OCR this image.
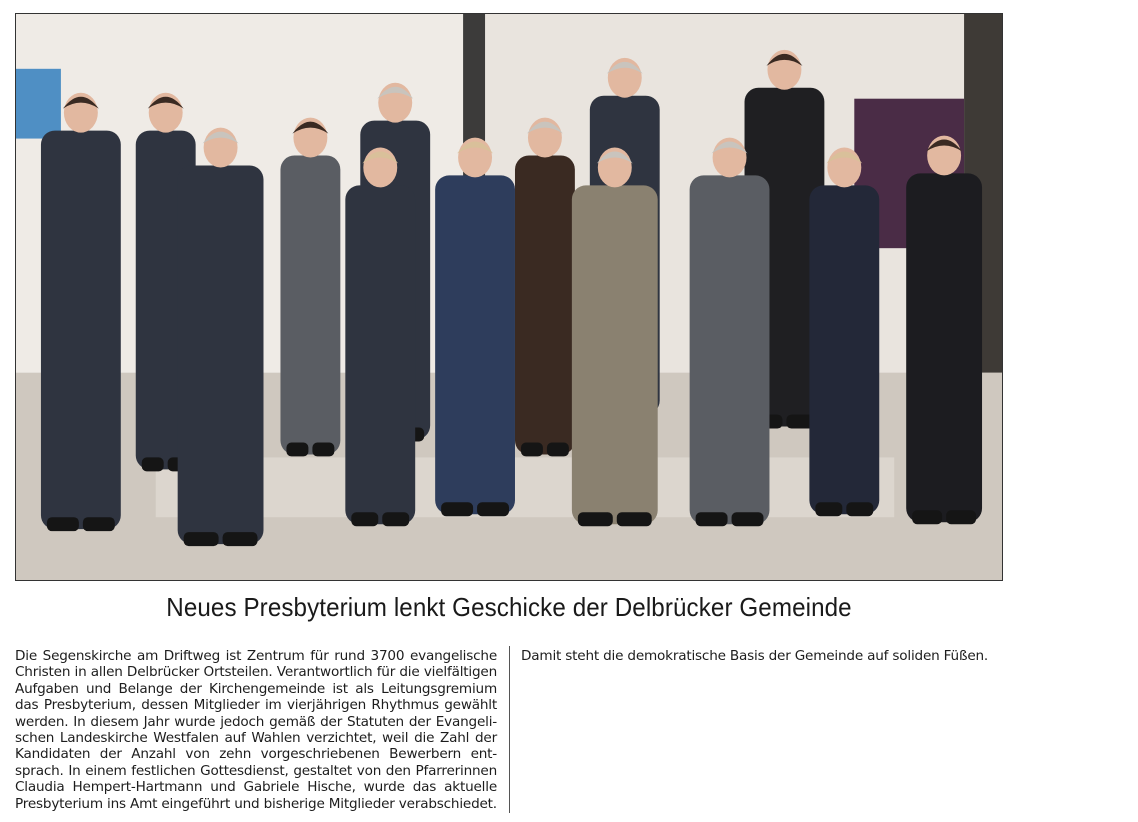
Neues Presbyterium lenkt Geschicke der Delbrücker Gemeinde
Die Segenskirche am Driftweg ist Zentrum für rund 3700 evangelische
Christen in allen Delbrücker Ortsteilen. Verantwortlich für die vielfältigen
Aufgaben und Belange der Kirchengemeinde ist als Leitungsgremium
das Presbyterium, dessen Mitglieder im vierjährigen Rhythmus gewählt
werden. In diesem Jahr wurde jedoch gemäß der Statuten der Evangeli-
schen Landeskirche Westfalen auf Wahlen verzichtet, weil die Zahl der
Kandidaten der Anzahl von zehn vorgeschriebenen Bewerbern ent-
sprach. In einem festlichen Gottesdienst, gestaltet von den Pfarrerinnen
Claudia Hempert-Hartmann und Gabriele Hische, wurde das aktuelle
Presbyterium ins Amt eingeführt und bisherige Mitglieder verabschiedet.
Damit steht die demokratische Basis der Gemeinde auf soliden Füßen.
